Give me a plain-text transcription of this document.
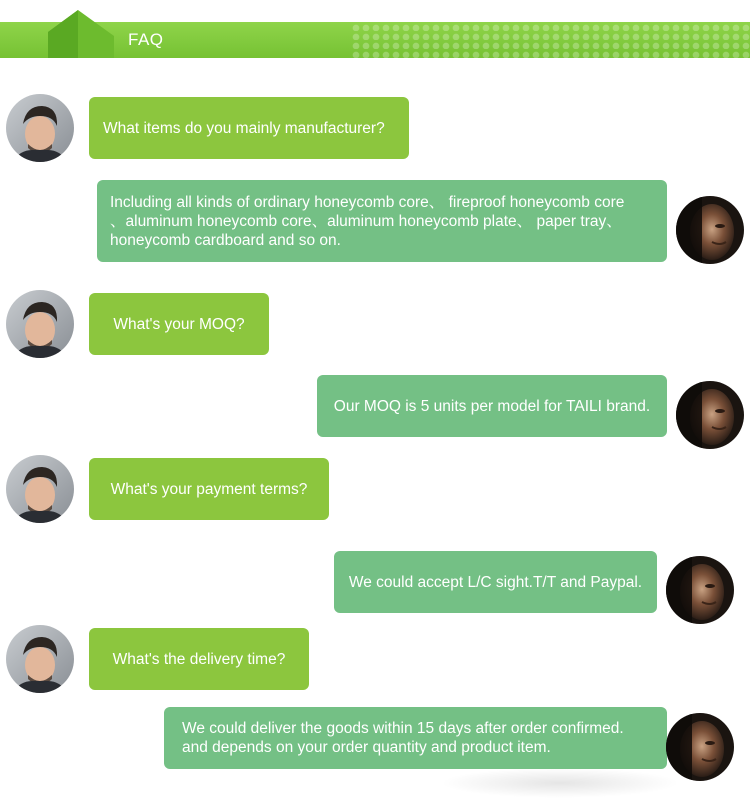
FAQ
What items do you mainly manufacturer?
Including all kinds of ordinary honeycomb core、 fireproof honeycomb core
、aluminum honeycomb core、aluminum honeycomb plate、 paper tray、
honeycomb cardboard and so on.
What's your MOQ?
Our MOQ is 5 units per model for TAILI brand.
What's your payment terms?
We could accept L/C sight.T/T and Paypal.
What's the delivery time?
We could deliver the goods within 15 days after order confirmed.
and depends on your order quantity and product item.
